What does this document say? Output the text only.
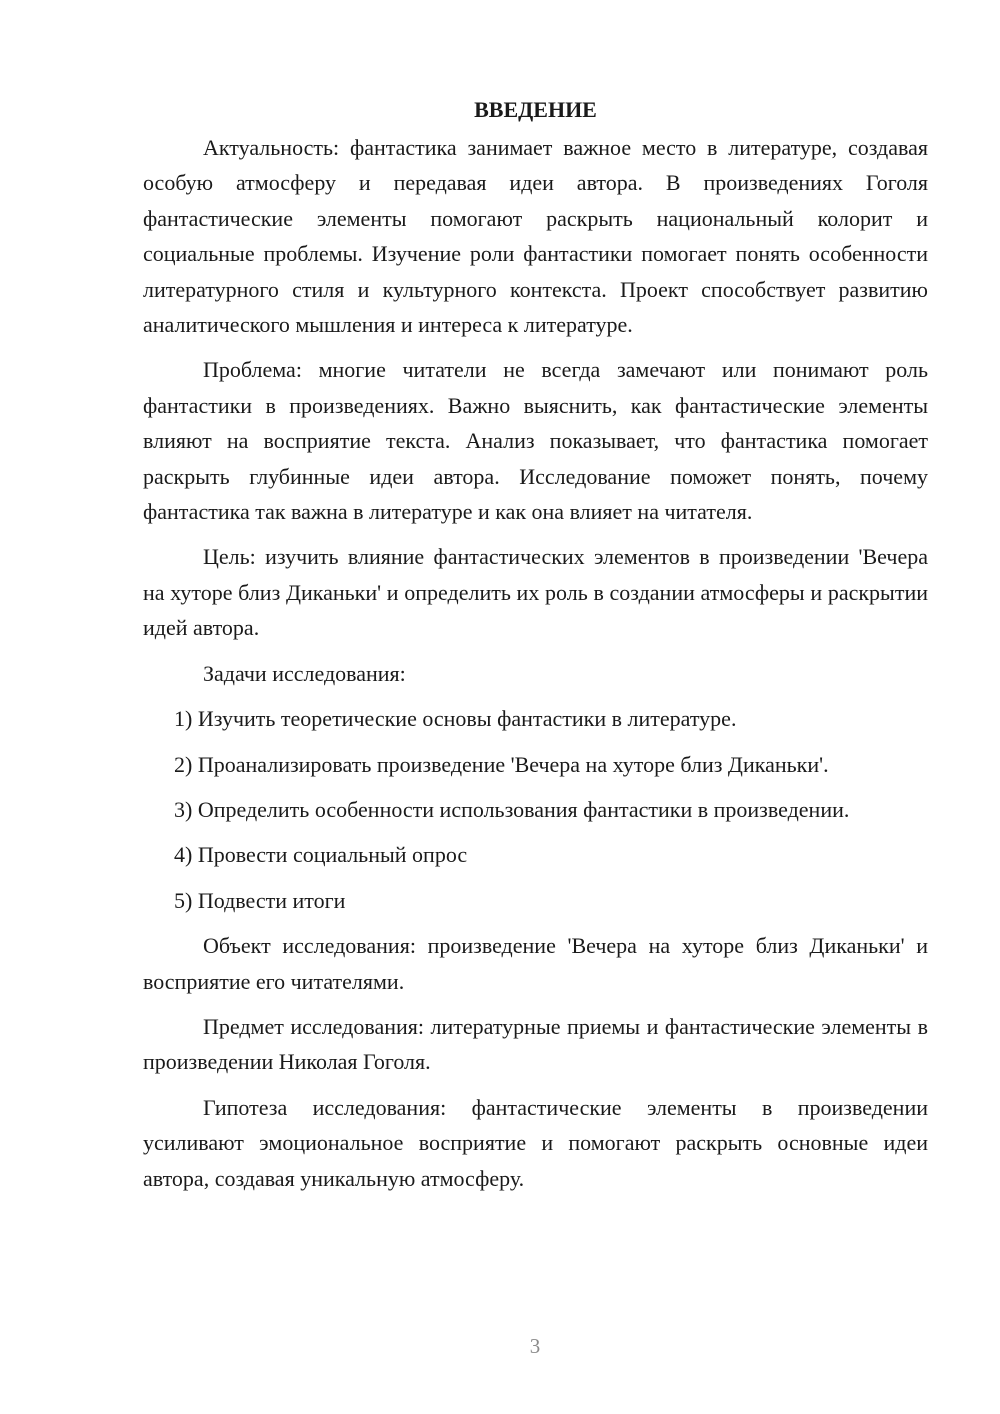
ВВЕДЕНИЕ

Актуальность: фантастика занимает важное место в литературе, создавая особую атмосферу и передавая идеи автора. В произведениях Гоголя фантастические элементы помогают раскрыть национальный колорит и социальные проблемы. Изучение роли фантастики помогает понять особенности литературного стиля и культурного контекста. Проект способствует развитию аналитического мышления и интереса к литературе.

Проблема: многие читатели не всегда замечают или понимают роль фантастики в произведениях. Важно выяснить, как фантастические элементы влияют на восприятие текста. Анализ показывает, что фантастика помогает раскрыть глубинные идеи автора. Исследование поможет понять, почему фантастика так важна в литературе и как она влияет на читателя.

Цель: изучить влияние фантастических элементов в произведении 'Вечера на хуторе близ Диканьки' и определить их роль в создании атмосферы и раскрытии идей автора.

Задачи исследования:

1) Изучить теоретические основы фантастики в литературе.

2) Проанализировать произведение 'Вечера на хуторе близ Диканьки'.

3) Определить особенности использования фантастики в произведении.

4) Провести социальный опрос

5) Подвести итоги

Объект исследования: произведение 'Вечера на хуторе близ Диканьки' и восприятие его читателями.

Предмет исследования: литературные приемы и фантастические элементы в произведении Николая Гоголя.

Гипотеза исследования: фантастические элементы в произведении усиливают эмоциональное восприятие и помогают раскрыть основные идеи автора, создавая уникальную атмосферу.

3
